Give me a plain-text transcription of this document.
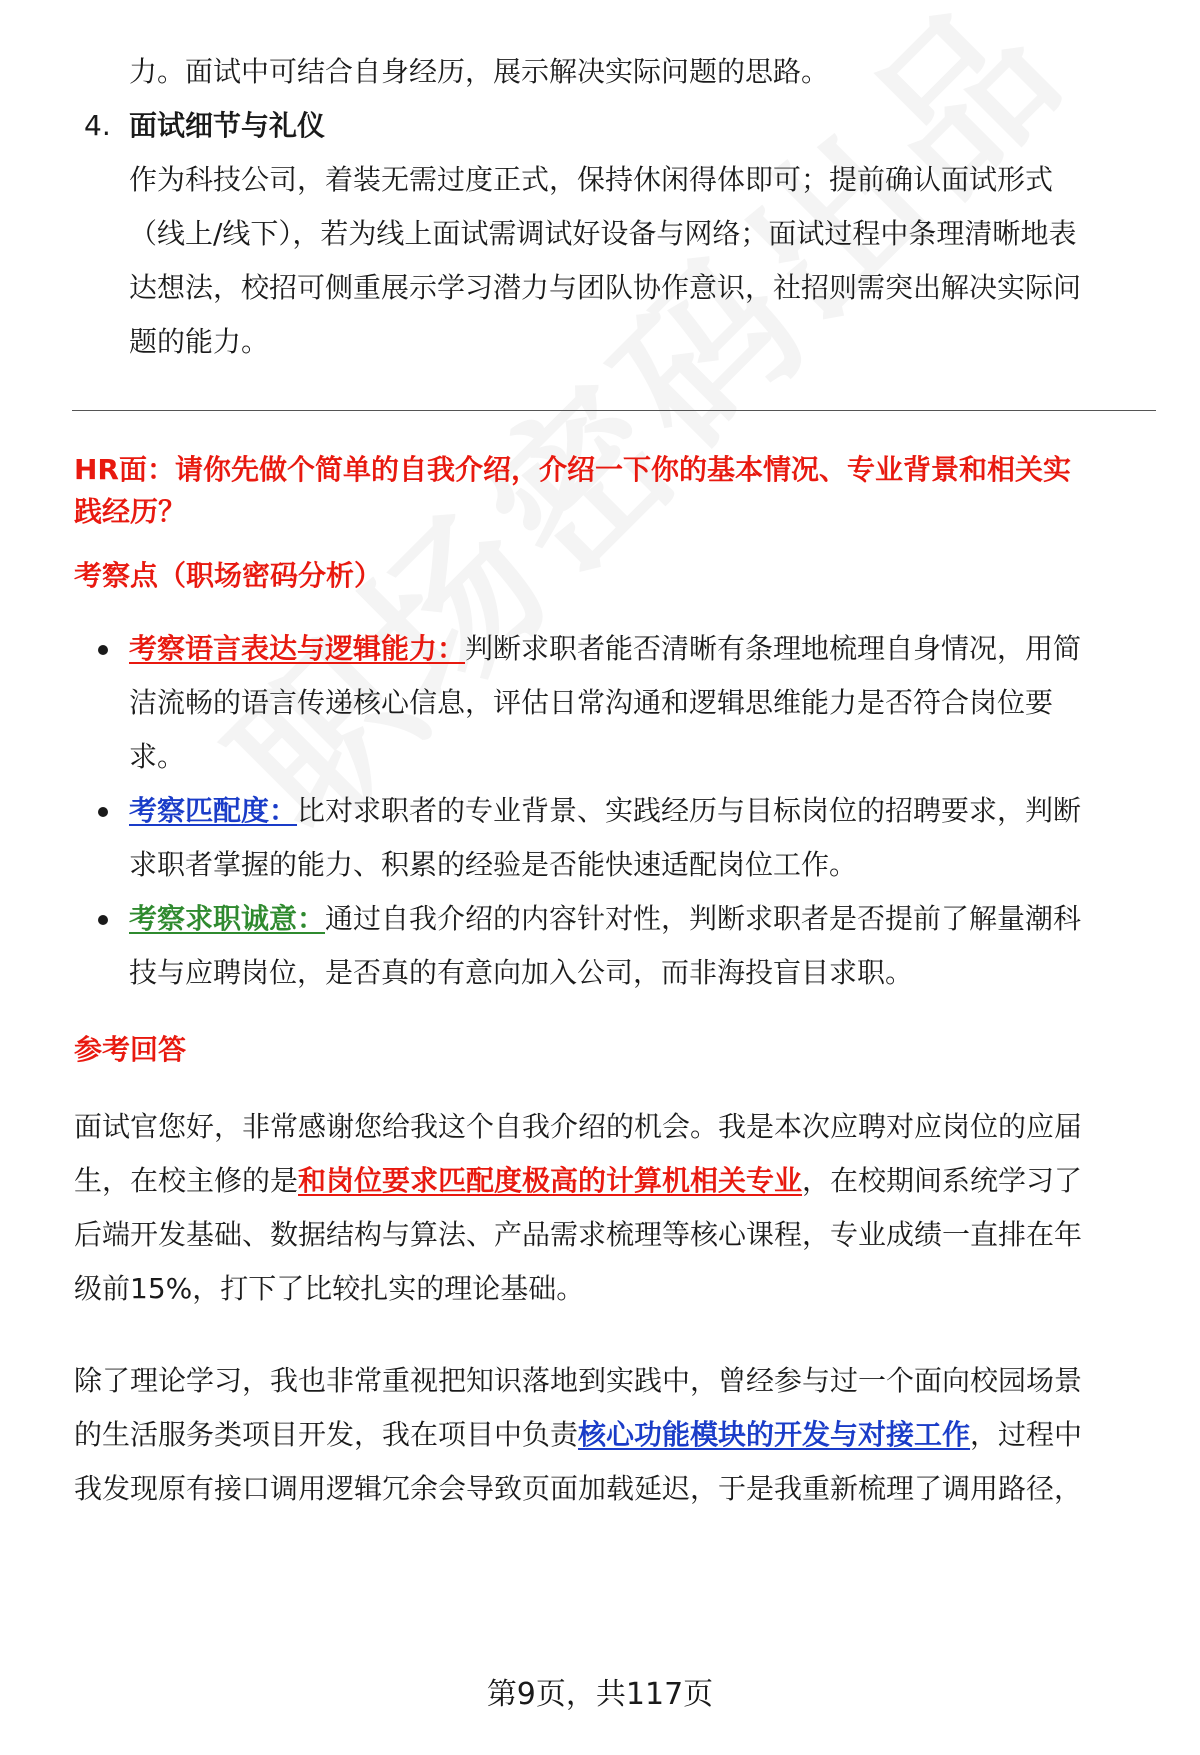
力。面试中可结合自身经历，展示解决实际问题的思路。
4. 面试细节与礼仪
作为科技公司，着装无需过度正式，保持休闲得体即可；提前确认面试形式
（线上/线下），若为线上面试需调试好设备与网络；面试过程中条理清晰地表
达想法，校招可侧重展示学习潜力与团队协作意识，社招则需突出解决实际问
题的能力。
HR面：请你先做个简单的自我介绍，介绍一下你的基本情况、专业背景和相关实
践经历？
考察点（职场密码分析）
考察语言表达与逻辑能力：判断求职者能否清晰有条理地梳理自身情况，用简
洁流畅的语言传递核心信息，评估日常沟通和逻辑思维能力是否符合岗位要
求。
考察匹配度：比对求职者的专业背景、实践经历与目标岗位的招聘要求，判断
求职者掌握的能力、积累的经验是否能快速适配岗位工作。
考察求职诚意：通过自我介绍的内容针对性，判断求职者是否提前了解量潮科
技与应聘岗位，是否真的有意向加入公司，而非海投盲目求职。
参考回答
面试官您好，非常感谢您给我这个自我介绍的机会。我是本次应聘对应岗位的应届
生，在校主修的是和岗位要求匹配度极高的计算机相关专业，在校期间系统学习了
后端开发基础、数据结构与算法、产品需求梳理等核心课程，专业成绩一直排在年
级前15%，打下了比较扎实的理论基础。
除了理论学习，我也非常重视把知识落地到实践中，曾经参与过一个面向校园场景
的生活服务类项目开发，我在项目中负责核心功能模块的开发与对接工作，过程中
我发现原有接口调用逻辑冗余会导致页面加载延迟，于是我重新梳理了调用路径，
第9页，共117页
